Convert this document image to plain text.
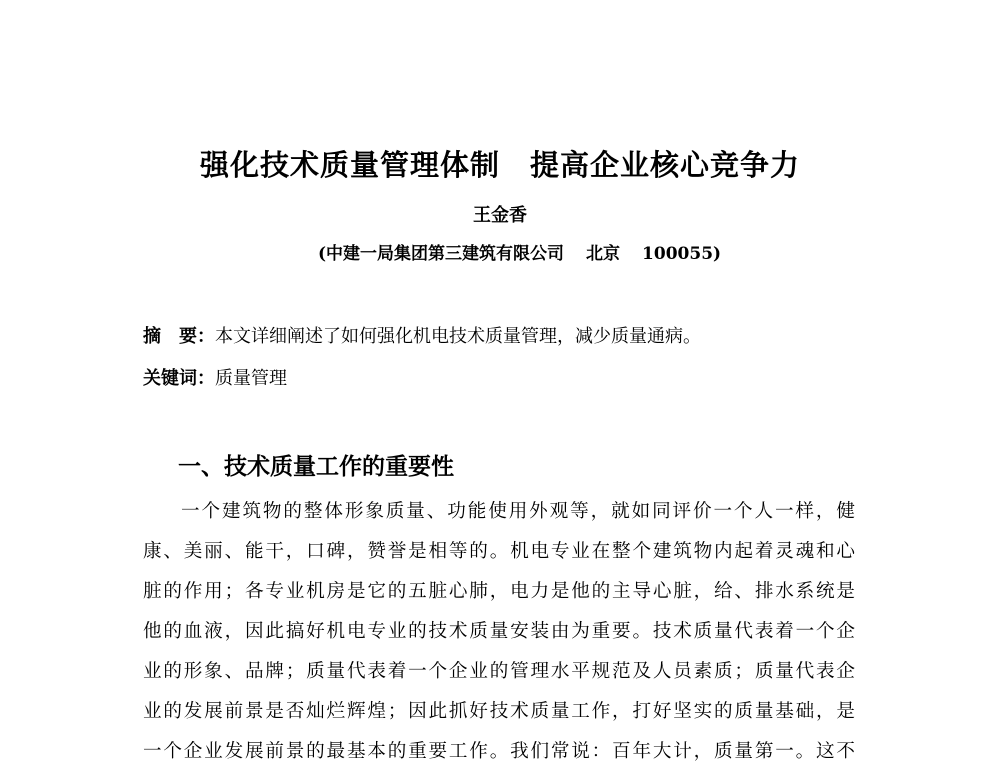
强化技术质量管理体制 提高企业核心竞争力
王金香
(中建一局集团第三建筑有限公司 北京 100055)
摘　要：本文详细阐述了如何强化机电技术质量管理，减少质量通病。
关键词：质量管理
一、技术质量工作的重要性
一个建筑物的整体形象质量、功能使用外观等，就如同评价一个人一样，健
康、美丽、能干，口碑，赞誉是相等的。机电专业在整个建筑物内起着灵魂和心
脏的作用；各专业机房是它的五脏心肺，电力是他的主导心脏，给、排水系统是
他的血液，因此搞好机电专业的技术质量安装由为重要。技术质量代表着一个企
业的形象、品牌；质量代表着一个企业的管理水平规范及人员素质；质量代表企
业的发展前景是否灿烂辉煌；因此抓好技术质量工作，打好坚实的质量基础，是
一个企业发展前景的最基本的重要工作。我们常说：百年大计，质量第一。这不
